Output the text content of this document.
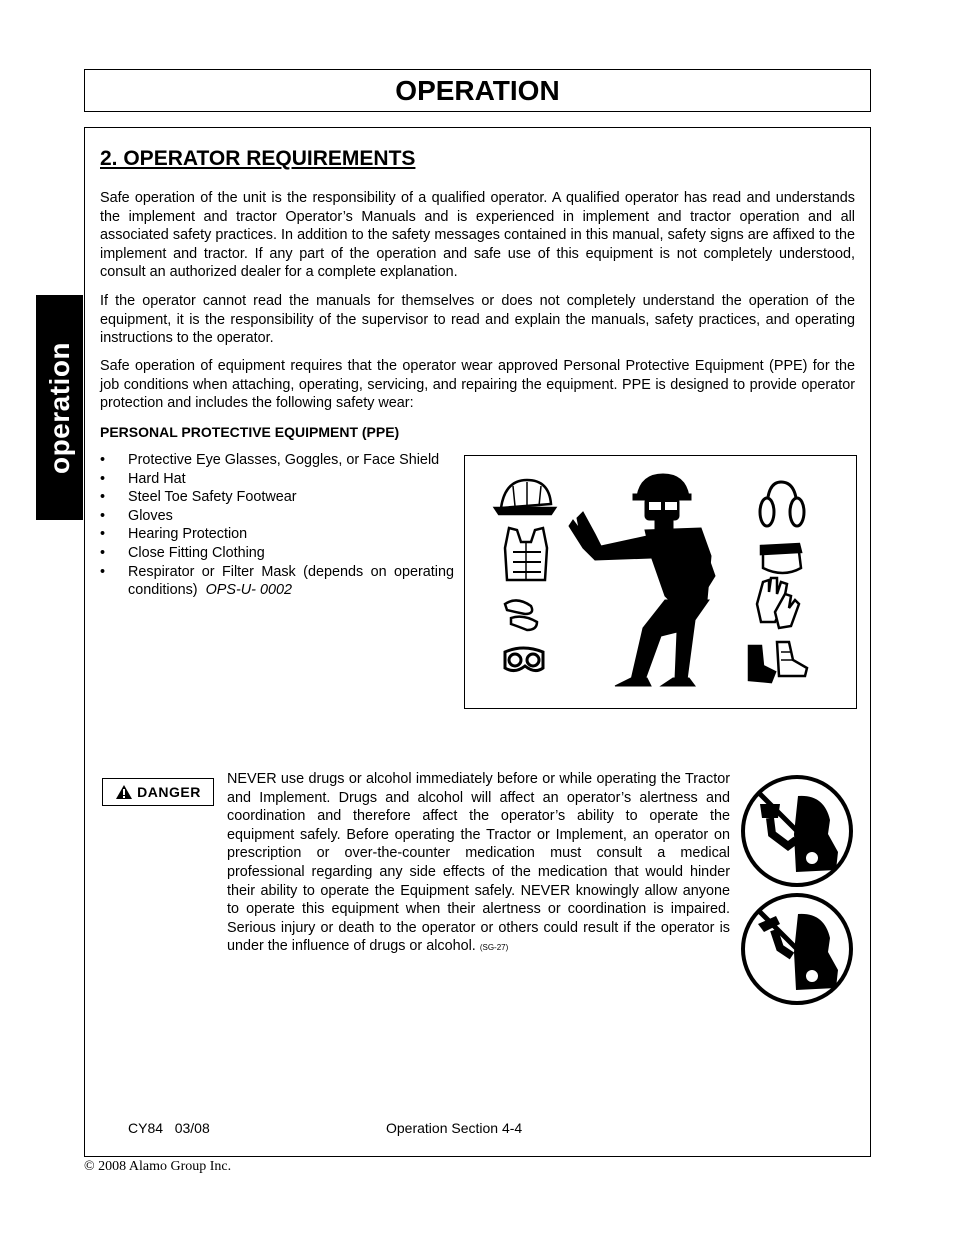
OPERATION
operation
2. OPERATOR REQUIREMENTS

Safe operation of the unit is the responsibility of a qualified operator. A qualified operator has read and understands the implement and tractor Operator’s Manuals and is experienced in implement and tractor operation and all associated safety practices. In addition to the safety messages contained in this manual, safety signs are affixed to the implement and tractor. If any part of the operation and safe use of this equipment is not completely understood, consult an authorized dealer for a complete explanation.

If the operator cannot read the manuals for themselves or does not completely understand the operation of the equipment, it is the responsibility of the supervisor to read and explain the manuals, safety practices, and operating instructions to the operator.

Safe operation of equipment requires that the operator wear approved Personal Protective Equipment (PPE) for the job conditions when attaching, operating, servicing, and repairing the equipment. PPE is designed to provide operator protection and includes the following safety wear:

PERSONAL PROTECTIVE EQUIPMENT (PPE)
• Protective Eye Glasses, Goggles, or Face Shield
• Hard Hat
• Steel Toe Safety Footwear
• Gloves
• Hearing Protection
• Close Fitting Clothing
• Respirator or Filter Mask (depends on operating conditions) OPS-U- 0002
DANGER

NEVER use drugs or alcohol immediately before or while operating the Tractor and Implement. Drugs and alcohol will affect an operator’s alertness and coordination and therefore affect the operator’s ability to operate the equipment safely. Before operating the Tractor or Implement, an operator on prescription or over-the-counter medication must consult a medical professional regarding any side effects of the medication that would hinder their ability to operate the Equipment safely. NEVER knowingly allow anyone to operate this equipment when their alertness or coordination is impaired. Serious injury or death to the operator or others could result if the operator is under the influence of drugs or alcohol. (SG-27)

CY84   03/08	Operation Section 4-4
© 2008 Alamo Group Inc.
